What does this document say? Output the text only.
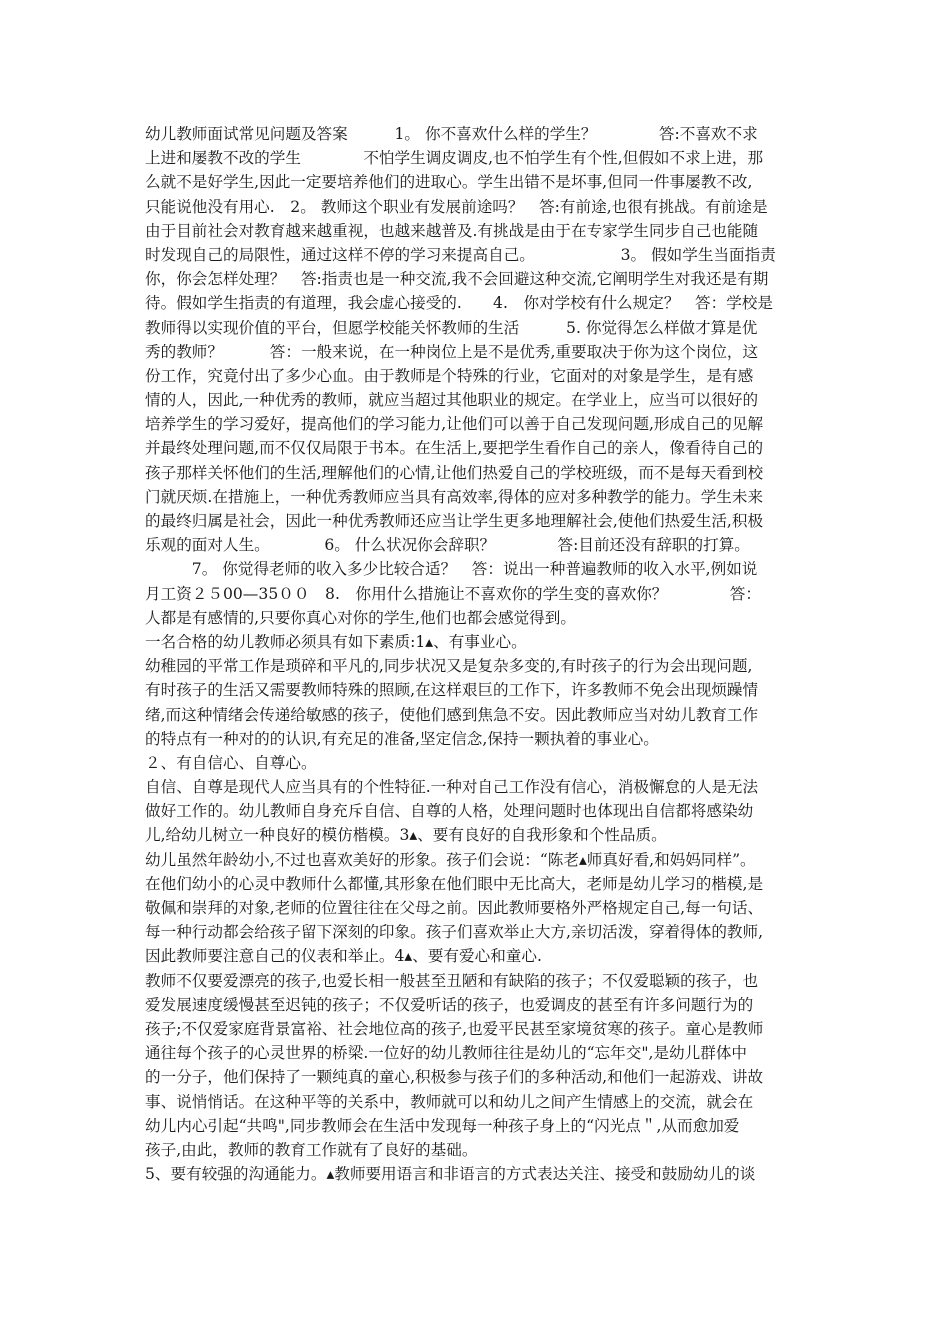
幼儿教师面试常见问题及答案　　　1。 你不喜欢什么样的学生？　　　　答:不喜欢不求
上进和屡教不改的学生　　　　不怕学生调皮调皮,也不怕学生有个性,但假如不求上进，那
么就不是好学生,因此一定要培养他们的进取心。学生出错不是坏事,但同一件事屡教不改,
只能说他没有用心.　2。 教师这个职业有发展前途吗？　答:有前途,也很有挑战。有前途是
由于目前社会对教育越来越重视，也越来越普及.有挑战是由于在专家学生同步自己也能随
时发现自己的局限性，通过这样不停的学习来提高自己。　　　　　　3。 假如学生当面指责
你，你会怎样处理？　答:指责也是一种交流,我不会回避这种交流,它阐明学生对我还是有期
待。假如学生指责的有道理，我会虚心接受的.　　4.　你对学校有什么规定？　答：学校是
教师得以实现价值的平台，但愿学校能关怀教师的生活　　　5. 你觉得怎么样做才算是优
秀的教师？　　　答：一般来说，在一种岗位上是不是优秀,重要取决于你为这个岗位，这
份工作，究竟付出了多少心血。由于教师是个特殊的行业，它面对的对象是学生，是有感
情的人，因此,一种优秀的教师，就应当超过其他职业的规定。在学业上，应当可以很好的
培养学生的学习爱好，提高他们的学习能力,让他们可以善于自己发现问题,形成自己的见解
并最终处理问题,而不仅仅局限于书本。在生活上,要把学生看作自己的亲人，像看待自己的
孩子那样关怀他们的生活,理解他们的心情,让他们热爱自己的学校班级，而不是每天看到校
门就厌烦.在措施上，一种优秀教师应当具有高效率,得体的应对多种教学的能力。学生未来
的最终归属是社会，因此一种优秀教师还应当让学生更多地理解社会,使他们热爱生活,积极
乐观的面对人生。　　　　6。 什么状况你会辞职？　　　　答:目前还没有辞职的打算。
　　　7。 你觉得老师的收入多少比较合适？　答：说出一种普遍教师的收入水平,例如说
月工资２５00—35００　8.　你用什么措施让不喜欢你的学生变的喜欢你？　　　　答：
人都是有感情的,只要你真心对你的学生,他们也都会感觉得到。
一名合格的幼儿教师必须具有如下素质:1▴、有事业心。
幼稚园的平常工作是琐碎和平凡的,同步状况又是复杂多变的,有时孩子的行为会出现问题,
有时孩子的生活又需要教师特殊的照顾,在这样艰巨的工作下，许多教师不免会出现烦躁情
绪,而这种情绪会传递给敏感的孩子，使他们感到焦急不安。因此教师应当对幼儿教育工作
的特点有一种对的的认识,有充足的准备,坚定信念,保持一颗执着的事业心。
２、有自信心、自尊心。
自信、自尊是现代人应当具有的个性特征.一种对自己工作没有信心，消极懈怠的人是无法
做好工作的。幼儿教师自身充斥自信、自尊的人格，处理问题时也体现出自信都将感染幼
儿,给幼儿树立一种良好的模仿楷模。3▴、要有良好的自我形象和个性品质。
幼儿虽然年龄幼小,不过也喜欢美好的形象。孩子们会说：“陈老▴师真好看,和妈妈同样”。
在他们幼小的心灵中教师什么都懂,其形象在他们眼中无比高大，老师是幼儿学习的楷模,是
敬佩和崇拜的对象,老师的位置往往在父母之前。因此教师要格外严格规定自己,每一句话、
每一种行动都会给孩子留下深刻的印象。孩子们喜欢举止大方,亲切活泼，穿着得体的教师,
因此教师要注意自己的仪表和举止。4▴、要有爱心和童心.
教师不仅要爱漂亮的孩子,也爱长相一般甚至丑陋和有缺陷的孩子；不仅爱聪颖的孩子，也
爱发展速度缓慢甚至迟钝的孩子；不仅爱听话的孩子，也爱调皮的甚至有许多问题行为的
孩子;不仅爱家庭背景富裕、社会地位高的孩子,也爱平民甚至家境贫寒的孩子。童心是教师
通往每个孩子的心灵世界的桥梁.一位好的幼儿教师往往是幼儿的“忘年交",是幼儿群体中
的一分子，他们保持了一颗纯真的童心,积极参与孩子们的多种活动,和他们一起游戏、讲故
事、说悄悄话。在这种平等的关系中，教师就可以和幼儿之间产生情感上的交流，就会在
幼儿内心引起“共鸣",同步教师会在生活中发现每一种孩子身上的“闪光点＂,从而愈加爱
孩子,由此，教师的教育工作就有了良好的基础。
5、要有较强的沟通能力。▴教师要用语言和非语言的方式表达关注、接受和鼓励幼儿的谈
